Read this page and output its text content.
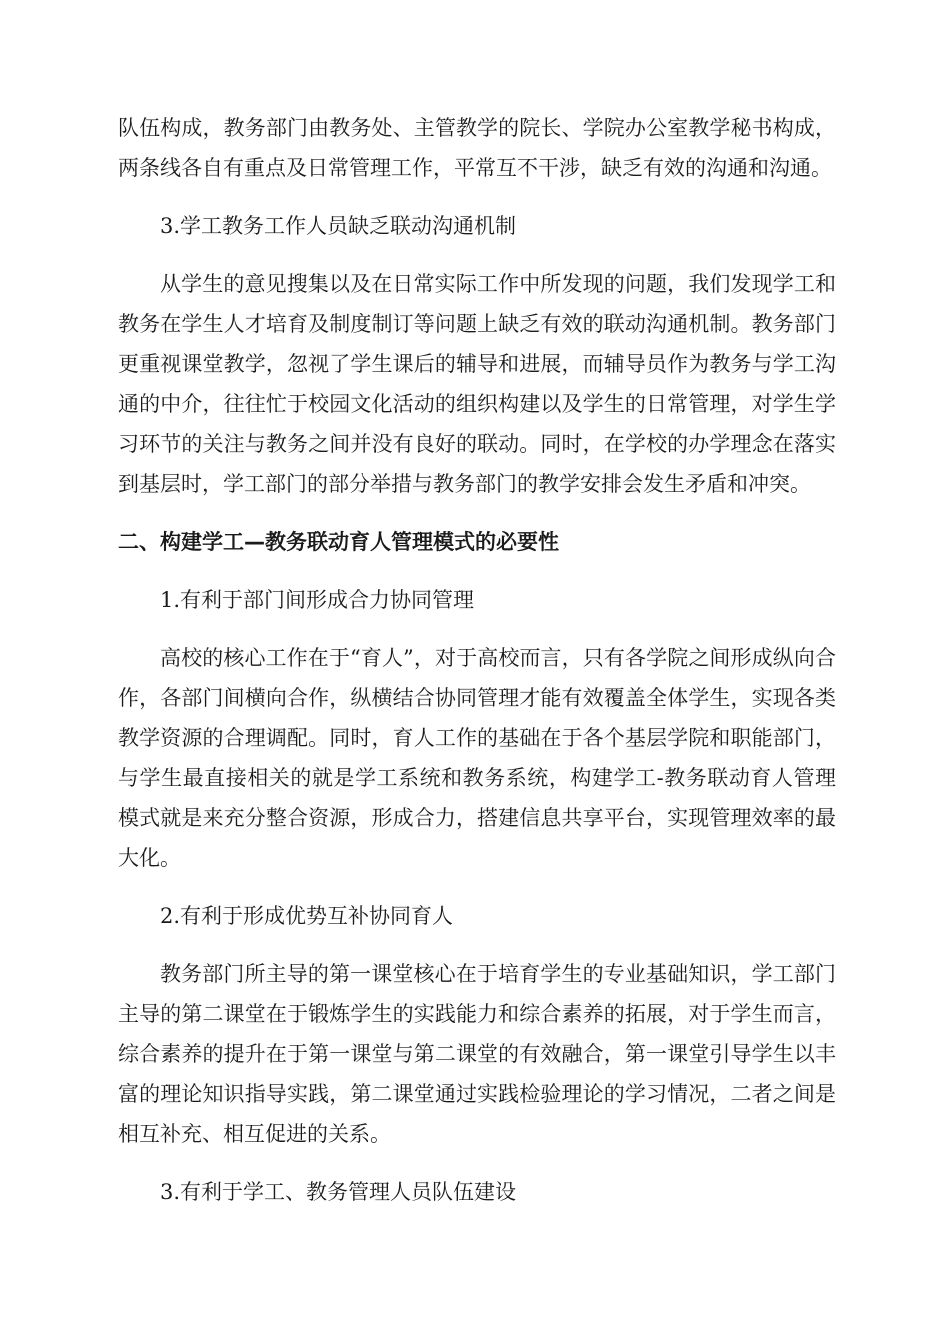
队伍构成，教务部门由教务处、主管教学的院长、学院办公室教学秘书构成，两条线各自有重点及日常管理工作，平常互不干涉，缺乏有效的沟通和沟通。

3.学工教务工作人员缺乏联动沟通机制

从学生的意见搜集以及在日常实际工作中所发现的问题，我们发现学工和教务在学生人才培育及制度制订等问题上缺乏有效的联动沟通机制。教务部门更重视课堂教学，忽视了学生课后的辅导和进展，而辅导员作为教务与学工沟通的中介，往往忙于校园文化活动的组织构建以及学生的日常管理，对学生学习环节的关注与教务之间并没有良好的联动。同时，在学校的办学理念在落实到基层时，学工部门的部分举措与教务部门的教学安排会发生矛盾和冲突。

二、构建学工—教务联动育人管理模式的必要性

1.有利于部门间形成合力协同管理

高校的核心工作在于“育人”，对于高校而言，只有各学院之间形成纵向合作，各部门间横向合作，纵横结合协同管理才能有效覆盖全体学生，实现各类教学资源的合理调配。同时，育人工作的基础在于各个基层学院和职能部门，与学生最直接相关的就是学工系统和教务系统，构建学工-教务联动育人管理模式就是来充分整合资源，形成合力，搭建信息共享平台，实现管理效率的最大化。

2.有利于形成优势互补协同育人

教务部门所主导的第一课堂核心在于培育学生的专业基础知识，学工部门主导的第二课堂在于锻炼学生的实践能力和综合素养的拓展，对于学生而言，综合素养的提升在于第一课堂与第二课堂的有效融合，第一课堂引导学生以丰富的理论知识指导实践，第二课堂通过实践检验理论的学习情况，二者之间是相互补充、相互促进的关系。

3.有利于学工、教务管理人员队伍建设
